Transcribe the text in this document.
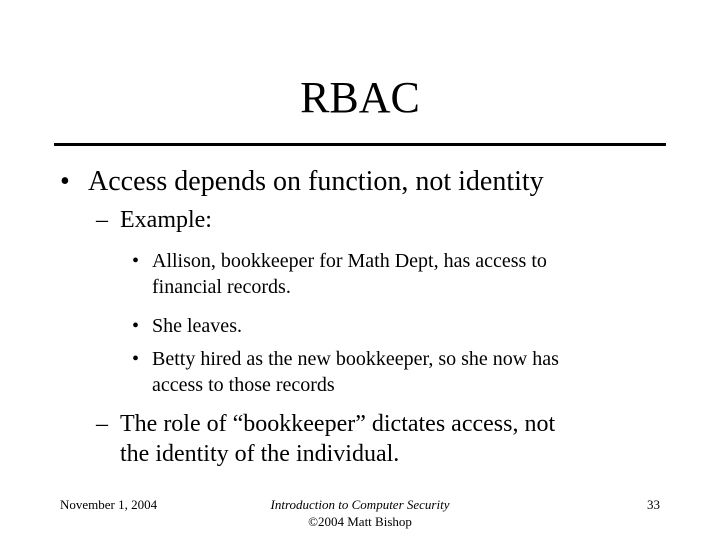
RBAC
• Access depends on function, not identity
– Example:
• Allison, bookkeeper for Math Dept, has access to
financial records.
• She leaves.
• Betty hired as the new bookkeeper, so she now has
access to those records
– The role of “bookkeeper” dictates access, not
the identity of the individual.
November 1, 2004	Introduction to Computer Security
©2004 Matt Bishop
33
